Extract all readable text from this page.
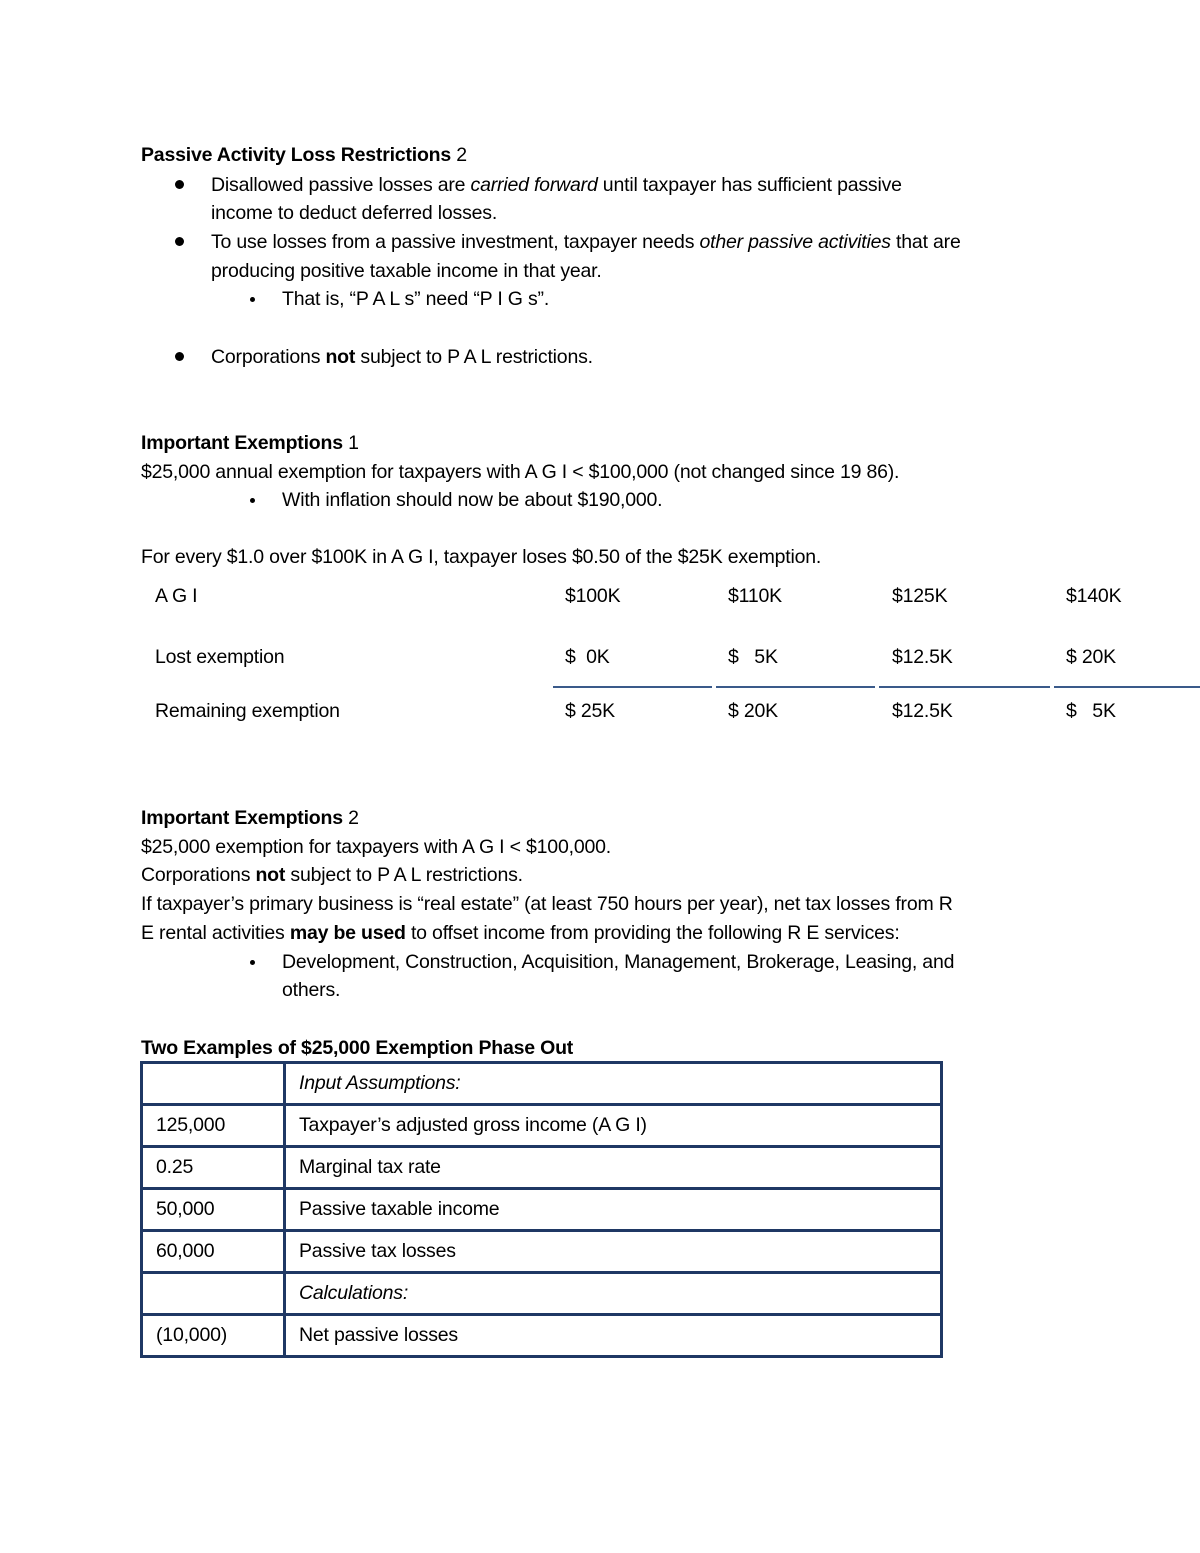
Passive Activity Loss Restrictions 2
Disallowed passive losses are carried forward until taxpayer has sufficient passive
income to deduct deferred losses.
To use losses from a passive investment, taxpayer needs other passive activities that are
producing positive taxable income in that year.
That is, “P A L s” need “P I G s”.
Corporations not subject to P A L restrictions.
Important Exemptions 1
$25,000 annual exemption for taxpayers with A G I < $100,000 (not changed since 19 86).
With inflation should now be about $190,000.
For every $1.0 over $100K in A G I, taxpayer loses $0.50 of the $25K exemption.
A G I	$100K	$110K	$125K	$140K
Lost exemption	$  0K	$   5K	$12.5K	$ 20K
Remaining exemption	$ 25K	$ 20K	$12.5K	$   5K
Important Exemptions 2
$25,000 exemption for taxpayers with A G I < $100,000.
Corporations not subject to P A L restrictions.
If taxpayer’s primary business is “real estate” (at least 750 hours per year), net tax losses from R
E rental activities may be used to offset income from providing the following R E services:
Development, Construction, Acquisition, Management, Brokerage, Leasing, and
others.
Two Examples of $25,000 Exemption Phase Out
	Input Assumptions:
125,000	Taxpayer’s adjusted gross income (A G I)
0.25	Marginal tax rate
50,000	Passive taxable income
60,000	Passive tax losses
	Calculations:
(10,000)	Net passive losses
